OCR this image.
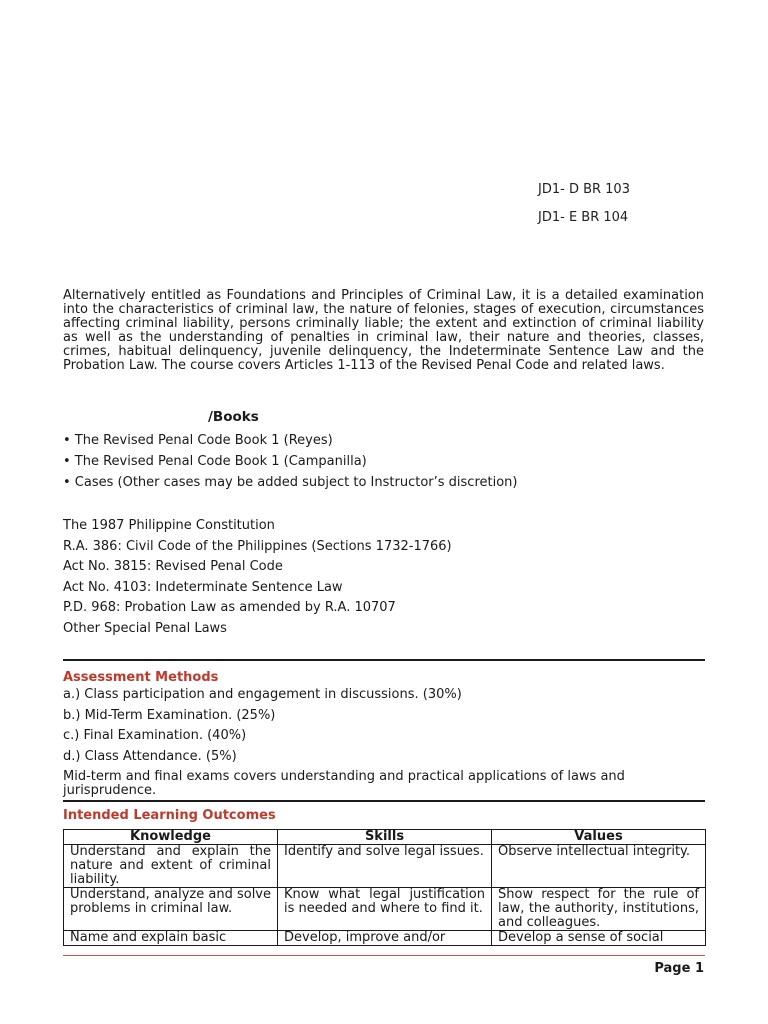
JD1- D BR 103
JD1- E BR 104
Alternatively entitled as Foundations and Principles of Criminal Law, it is a detailed examination into the characteristics of criminal law, the nature of felonies, stages of execution, circumstances affecting criminal liability, persons criminally liable; the extent and extinction of criminal liability as well as the understanding of penalties in criminal law, their nature and theories, classes, crimes, habitual delinquency, juvenile delinquency, the Indeterminate Sentence Law and the Probation Law. The course covers Articles 1-113 of the Revised Penal Code and related laws.
/Books
• The Revised Penal Code Book 1 (Reyes)
• The Revised Penal Code Book 1 (Campanilla)
• Cases (Other cases may be added subject to Instructor’s discretion)
The 1987 Philippine Constitution
R.A. 386: Civil Code of the Philippines (Sections 1732-1766)
Act No. 3815: Revised Penal Code
Act No. 4103: Indeterminate Sentence Law
P.D. 968: Probation Law as amended by R.A. 10707
Other Special Penal Laws
Assessment Methods
a.) Class participation and engagement in discussions. (30%)
b.) Mid-Term Examination. (25%)
c.) Final Examination. (40%)
d.) Class Attendance. (5%)
Mid-term and final exams covers understanding and practical applications of laws and jurisprudence.
Intended Learning Outcomes
Knowledge	Skills	Values
Understand and explain the nature and extent of criminal liability.	Identify and solve legal issues.	Observe intellectual integrity.
Understand, analyze and solve problems in criminal law.	Know what legal justification is needed and where to find it.	Show respect for the rule of law, the authority, institutions, and colleagues.
Name and explain basic	Develop, improve and/or	Develop a sense of social
Page 1
